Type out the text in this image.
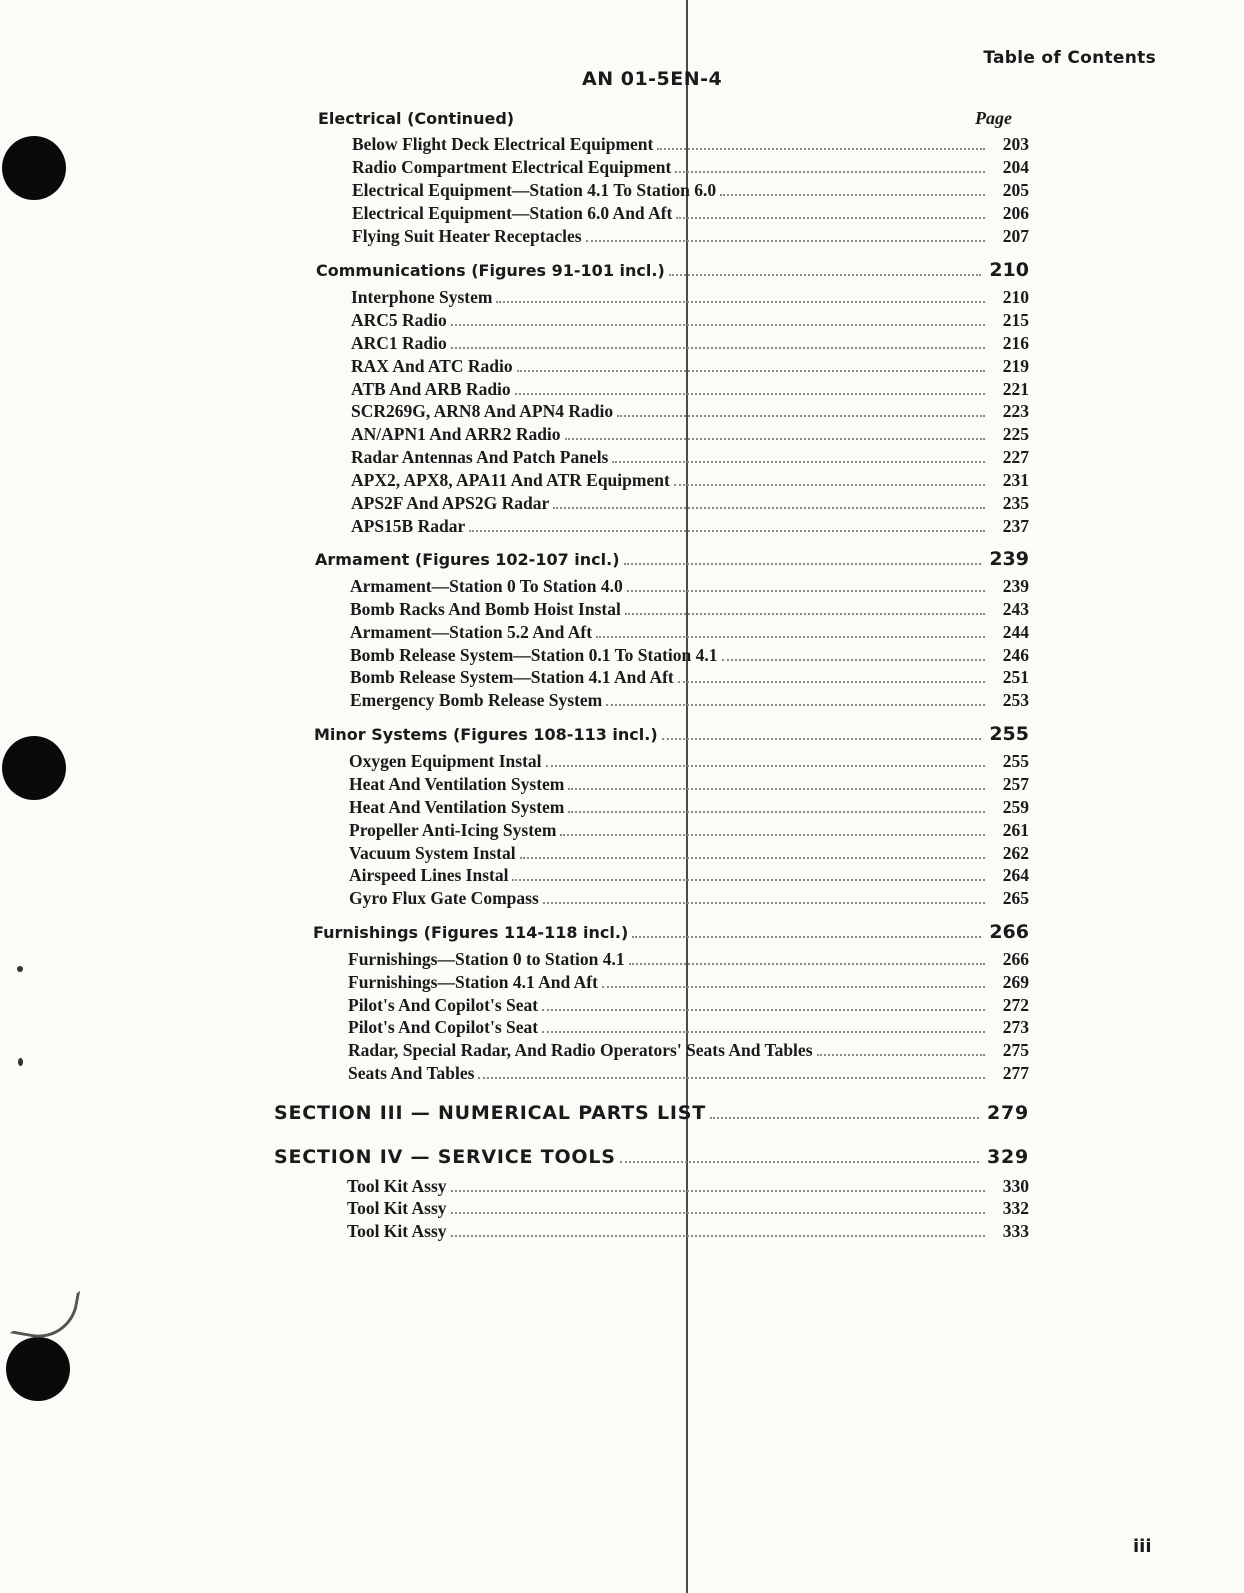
Table of Contents
AN 01-5EN-4
Electrical (Continued)	Page
Below Flight Deck Electrical Equipment	203
Radio Compartment Electrical Equipment	204
Electrical Equipment—Station 4.1 To Station 6.0	205
Electrical Equipment—Station 6.0 And Aft	206
Flying Suit Heater Receptacles	207
Communications (Figures 91-101 incl.)	210
Interphone System	210
ARC5 Radio	215
ARC1 Radio	216
RAX And ATC Radio	219
ATB And ARB Radio	221
SCR269G, ARN8 And APN4 Radio	223
AN/APN1 And ARR2 Radio	225
Radar Antennas And Patch Panels	227
APX2, APX8, APA11 And ATR Equipment	231
APS2F And APS2G Radar	235
APS15B Radar	237
Armament (Figures 102-107 incl.)	239
Armament—Station 0 To Station 4.0	239
Bomb Racks And Bomb Hoist Instal	243
Armament—Station 5.2 And Aft	244
Bomb Release System—Station 0.1 To Station 4.1	246
Bomb Release System—Station 4.1 And Aft	251
Emergency Bomb Release System	253
Minor Systems (Figures 108-113 incl.)	255
Oxygen Equipment Instal	255
Heat And Ventilation System	257
Heat And Ventilation System	259
Propeller Anti-Icing System	261
Vacuum System Instal	262
Airspeed Lines Instal	264
Gyro Flux Gate Compass	265
Furnishings (Figures 114-118 incl.)	266
Furnishings—Station 0 to Station 4.1	266
Furnishings—Station 4.1 And Aft	269
Pilot's And Copilot's Seat	272
Pilot's And Copilot's Seat	273
Radar, Special Radar, And Radio Operators' Seats And Tables	275
Seats And Tables	277
SECTION III — NUMERICAL PARTS LIST	279
SECTION IV — SERVICE TOOLS	329
Tool Kit Assy	330
Tool Kit Assy	332
Tool Kit Assy	333
iii
